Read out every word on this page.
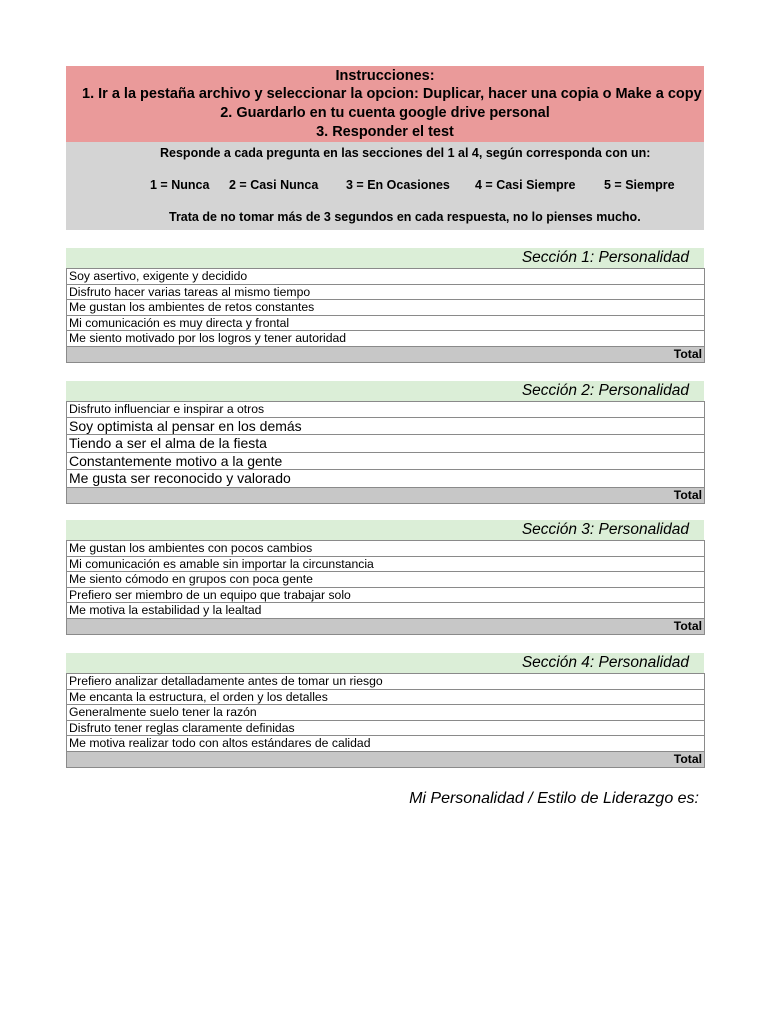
Instrucciones:
1. Ir a la pestaña archivo y seleccionar la opcion: Duplicar, hacer una copia o Make a copy
2. Guardarlo en tu cuenta google drive personal
3. Responder el test
Responde a cada pregunta en las secciones del 1 al 4, según corresponda con un:
1 = Nunca 2 = Casi Nunca 3 = En Ocasiones 4 = Casi Siempre 5 = Siempre
Trata de no tomar más de 3 segundos en cada respuesta, no lo pienses mucho.
Sección 1: Personalidad
Soy asertivo, exigente y decidido
Disfruto hacer varias tareas al mismo tiempo
Me gustan los ambientes de retos constantes
Mi comunicación es muy directa y frontal
Me siento motivado por los logros y tener autoridad
Total
Sección 2: Personalidad
Disfruto influenciar e inspirar a otros
Soy optimista al pensar en los demás
Tiendo a ser el alma de la fiesta
Constantemente motivo a la gente
Me gusta ser reconocido y valorado
Total
Sección 3: Personalidad
Me gustan los ambientes con pocos cambios
Mi comunicación es amable sin importar la circunstancia
Me siento cómodo en grupos con poca gente
Prefiero ser miembro de un equipo que trabajar solo
Me motiva la estabilidad y la lealtad
Total
Sección 4: Personalidad
Prefiero analizar detalladamente antes de tomar un riesgo
Me encanta la estructura, el orden y los detalles
Generalmente suelo tener la razón
Disfruto tener reglas claramente definidas
Me motiva realizar todo con altos estándares de calidad
Total
Mi Personalidad / Estilo de Liderazgo es:
